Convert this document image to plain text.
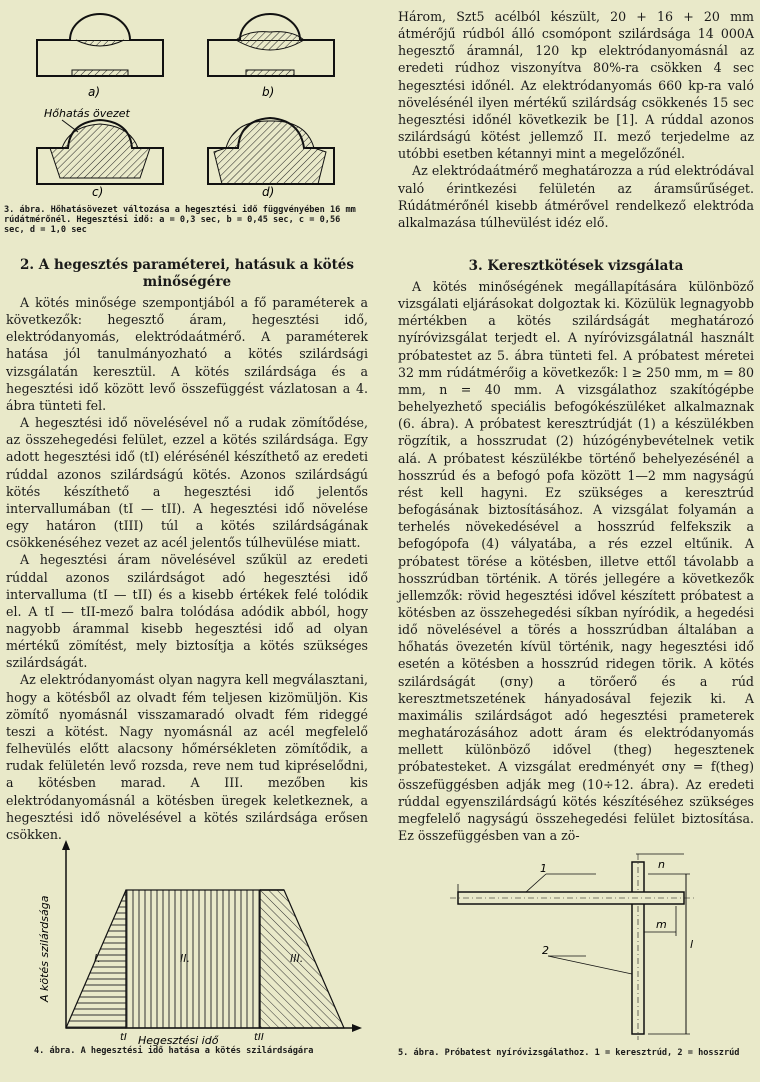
a)	b)
c)	d)
Hőhatás övezet
3. ábra. Hőhatásövezet változása a hegesztési idő függvényében 16 mm rúdátmérőnél. Hegesztési idő: a = 0,3 sec, b = 0,45 sec, c = 0,56 sec, d = 1,0 sec

Három, Szt5 acélból készült, 20 + 16 + 20 mm átmérőjű rúdból álló csomópont szilárdsága 14 000A hegesztő áramnál, 120 kp elektródanyomásnál az eredeti rúdhoz viszonyítva 80%-ra csökken 4 sec hegesztési időnél. Az elektródanyomás 660 kp-ra való növelésénél ilyen mértékű szilárdság csökkenés 15 sec hegesztési időnél következik be [1]. A rúddal azonos szilárdságú kötést jellemző II. mező terjedelme az utóbbi esetben kétannyi mint a megelőzőnél.

Az elektródaátmérő meghatározza a rúd elektródával való érintkezési felületén az áramsűrűséget. Rúdátmérőnél kisebb átmérővel rendelkező elektróda alkalmazása túlhevülést idéz elő.

2. A hegesztés paraméterei, hatásuk a kötés minőségére

A kötés minősége szempontjából a fő paraméterek a következők: hegesztő áram, hegesztési idő, elektródanyomás, elektródaátmérő. A paraméterek hatása jól tanulmányozható a kötés szilárdsági vizsgálatán keresztül. A kötés szilárdsága és a hegesztési idő között levő összefüggést vázlatosan a 4. ábra tünteti fel.

A hegesztési idő növelésével nő a rudak zömítődése, az összehegedési felület, ezzel a kötés szilárdsága. Egy adott hegesztési idő (tI) elérésénél készíthető az eredeti rúddal azonos szilárdságú kötés. Azonos szilárdságú kötés készíthető a hegesztési idő jelentős intervallumában (tI — tII). A hegesztési idő növelése egy határon (tIII) túl a kötés szilárdságának csökkenéséhez vezet az acél jelentős túlhevülése miatt.

A hegesztési áram növelésével szűkül az eredeti rúddal azonos szilárdságot adó hegesztési idő intervalluma (tI — tII) és a kisebb értékek felé tolódik el. A tI — tII-mező balra tolódása adódik abból, hogy nagyobb árammal kisebb hegesztési idő ad olyan mértékű zömítést, mely biztosítja a kötés szükséges szilárdságát.

Az elektródanyomást olyan nagyra kell megválasztani, hogy a kötésből az olvadt fém teljesen kizömüljön. Kis zömítő nyomásnál visszamaradó olvadt fém rideggé teszi a kötést. Nagy nyomásnál az acél megfelelő felhevülés előtt alacsony hőmérsékleten zömítődik, a rudak felületén levő rozsda, reve nem tud kipréselődni, a kötésben marad. A III. mezőben kis elektródanyomásnál a kötésben üregek keletkeznek, a hegesztési idő növelésével a kötés szilárdsága erősen csökken.

3. Keresztkötések vizsgálata

A kötés minőségének megállapítására különböző vizsgálati eljárásokat dolgoztak ki. Közülük legnagyobb mértékben a kötés szilárdságát meghatározó nyíróvizsgálat terjedt el. A nyíróvizsgálatnál használt próbatestet az 5. ábra tünteti fel. A próbatest méretei 32 mm rúdátmérőig a következők: l ≥ 250 mm, m = 80 mm, n = 40 mm. A vizsgálathoz szakítógépbe behelyezhető speciális befogókészüléket alkalmaznak (6. ábra). A próbatest keresztrúdját (1) a készülékben rögzítik, a hosszrudat (2) húzógénybevételnek vetik alá. A próbatest készülékbe történő behelyezésénél a hosszrúd és a befogó pofa között 1—2 mm nagyságú rést kell hagyni. Ez szükséges a keresztrúd befogásának biztosításához. A vizsgálat folyamán a terhelés növekedésével a hosszrúd felfekszik a befogópofa (4) vályatába, a rés ezzel eltűnik. A próbatest törése a kötésben, illetve ettől távolabb a hosszrúdban történik. A törés jellegére a következők jellemzők: rövid hegesztési idővel készített próbatest a kötésben az összehegedési síkban nyíródik, a hegedési idő növelésével a törés a hosszrúdban általában a hőhatás övezetén kívül történik, nagy hegesztési idő esetén a kötésben a hosszrúd ridegen törik. A kötés szilárdságát (σny) a törőerő és a rúd keresztmetszetének hányadosával fejezik ki. A maximális szilárdságot adó hegesztési prameterek meghatározásához adott áram és elektródanyomás mellett különböző idővel (theg) hegesztenek próbatesteket. A vizsgálat eredményét σny = f(theg) összefüggésben adják meg (10÷12. ábra). Az eredeti rúddal egyenszilárdságú kötés készítéséhez szükséges megfelelő nagyságú összehegedési felület biztosítása. Ez összefüggésben van a zö-

I.	II.	III.
tI	tII
Hegesztési idő
A kötés szilárdsága
4. ábra. A hegesztési idő hatása a kötés szilárdságára
1
2
m
n
l
5. ábra. Próbatest nyíróvizsgálathoz. 1 = keresztrúd, 2 = hosszrúd
